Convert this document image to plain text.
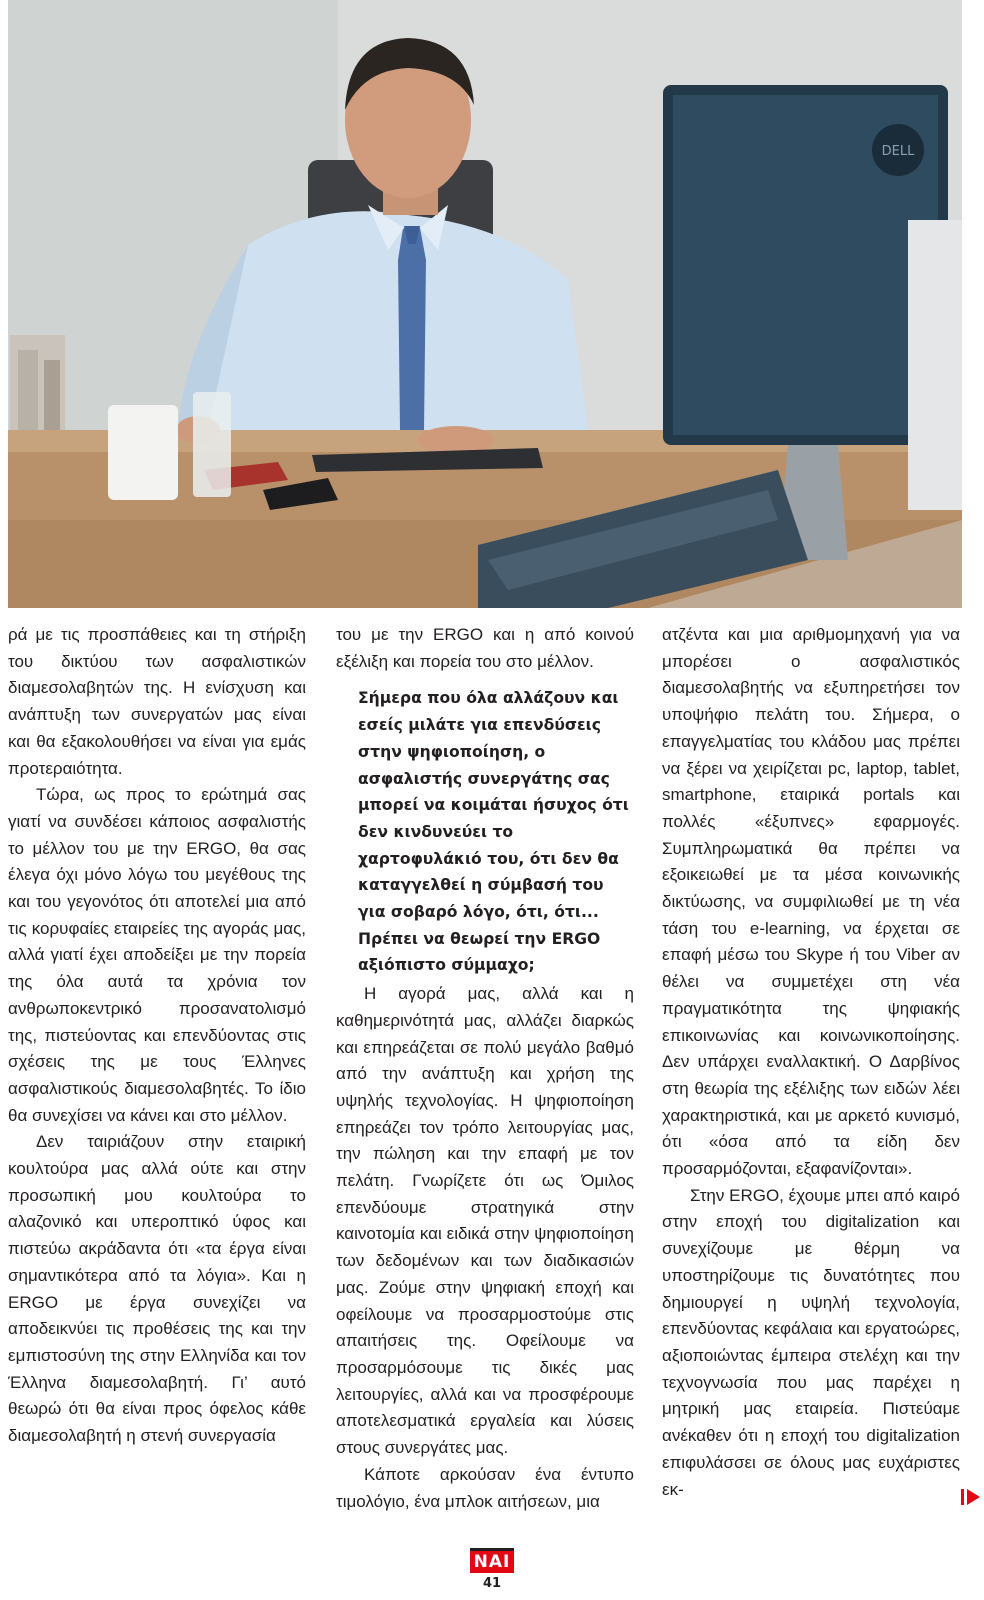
DELL

ρά με τις προσπάθειες και τη στήριξη του δικτύου των ασφαλιστικών διαμεσολαβητών της. Η ενίσχυση και ανάπτυξη των συνεργατών μας είναι και θα εξακολουθήσει να είναι για εμάς προτεραιότητα.

Τώρα, ως προς το ερώτημά σας γιατί να συνδέσει κάποιος ασφαλιστής το μέλλον του με την ERGO, θα σας έλεγα όχι μόνο λόγω του μεγέθους της και του γεγονότος ότι αποτελεί μια από τις κορυφαίες εταιρείες της αγοράς μας, αλλά γιατί έχει αποδείξει με την πορεία της όλα αυτά τα χρόνια τον ανθρωποκεντρικό προσανατολισμό της, πιστεύοντας και επενδύοντας στις σχέσεις της με τους Έλληνες ασφαλιστικούς διαμεσολαβητές. Το ίδιο θα συνεχίσει να κάνει και στο μέλλον.

Δεν ταιριάζουν στην εταιρική κουλτούρα μας αλλά ούτε και στην προσωπική μου κουλτούρα το αλαζονικό και υπεροπτικό ύφος και πιστεύω ακράδαντα ότι «τα έργα είναι σημαντικότερα από τα λόγια». Και η ERGO με έργα συνεχίζει να αποδεικνύει τις προθέσεις της και την εμπιστοσύνη της στην Ελληνίδα και τον Έλληνα διαμεσολαβητή. Γι’ αυτό θεωρώ ότι θα είναι προς όφελος κάθε διαμεσολαβητή η στενή συνεργασία

του με την ERGO και η από κοινού εξέλιξη και πορεία του στο μέλλον.

Σήμερα που όλα αλλάζουν και εσείς μιλάτε για επενδύσεις στην ψηφιοποίηση, ο ασφαλιστής συνεργάτης σας μπορεί να κοιμάται ήσυχος ότι δεν κινδυνεύει το χαρτοφυλάκιό του, ότι δεν θα καταγγελθεί η σύμβασή του για σοβαρό λόγο, ότι, ότι... Πρέπει να θεωρεί την ERGO αξιόπιστο σύμμαχο;

Η αγορά μας, αλλά και η καθημερινότητά μας, αλλάζει διαρκώς και επηρεάζεται σε πολύ μεγάλο βαθμό από την ανάπτυξη και χρήση της υψηλής τεχνολογίας. Η ψηφιοποίηση επηρεάζει τον τρόπο λειτουργίας μας, την πώληση και την επαφή με τον πελάτη. Γνωρίζετε ότι ως Όμιλος επενδύουμε στρατηγικά στην καινοτομία και ειδικά στην ψηφιοποίηση των δεδομένων και των διαδικασιών μας. Ζούμε στην ψηφιακή εποχή και οφείλουμε να προσαρμοστούμε στις απαιτήσεις της. Οφείλουμε να προσαρμόσουμε τις δικές μας λειτουργίες, αλλά και να προσφέρουμε αποτελεσματικά εργαλεία και λύσεις στους συνεργάτες μας.

Κάποτε αρκούσαν ένα έντυπο τιμολόγιο, ένα μπλοκ αιτήσεων, μια

ατζέντα και μια αριθμομηχανή για να μπορέσει ο ασφαλιστικός διαμεσολαβητής να εξυπηρετήσει τον υποψήφιο πελάτη του. Σήμερα, ο επαγγελματίας του κλάδου μας πρέπει να ξέρει να χειρίζεται pc, laptop, tablet, smartphone, εταιρικά portals και πολλές «έξυπνες» εφαρμογές. Συμπληρωματικά θα πρέπει να εξοικειωθεί με τα μέσα κοινωνικής δικτύωσης, να συμφιλιωθεί με τη νέα τάση του e-learning, να έρχεται σε επαφή μέσω του Skype ή του Viber αν θέλει να συμμετέχει στη νέα πραγματικότητα της ψηφιακής επικοινωνίας και κοινωνικοποίησης. Δεν υπάρχει εναλλακτική. Ο Δαρβίνος στη θεωρία της εξέλιξης των ειδών λέει χαρακτηριστικά, και με αρκετό κυνισμό, ότι «όσα από τα είδη δεν προσαρμόζονται, εξαφανίζονται».

Στην ERGO, έχουμε μπει από καιρό στην εποχή του digitalization και συνεχίζουμε με θέρμη να υποστηρίζουμε τις δυνατότητες που δημιουργεί η υψηλή τεχνολογία, επενδύοντας κεφάλαια και εργατοώρες, αξιοποιώντας έμπειρα στελέχη και την τεχνογνωσία που μας παρέχει η μητρική μας εταιρεία. Πιστεύαμε ανέκαθεν ότι η εποχή του digitalization επιφυλάσσει σε όλους μας ευχάριστες εκ-

ΝΑΙ
41
